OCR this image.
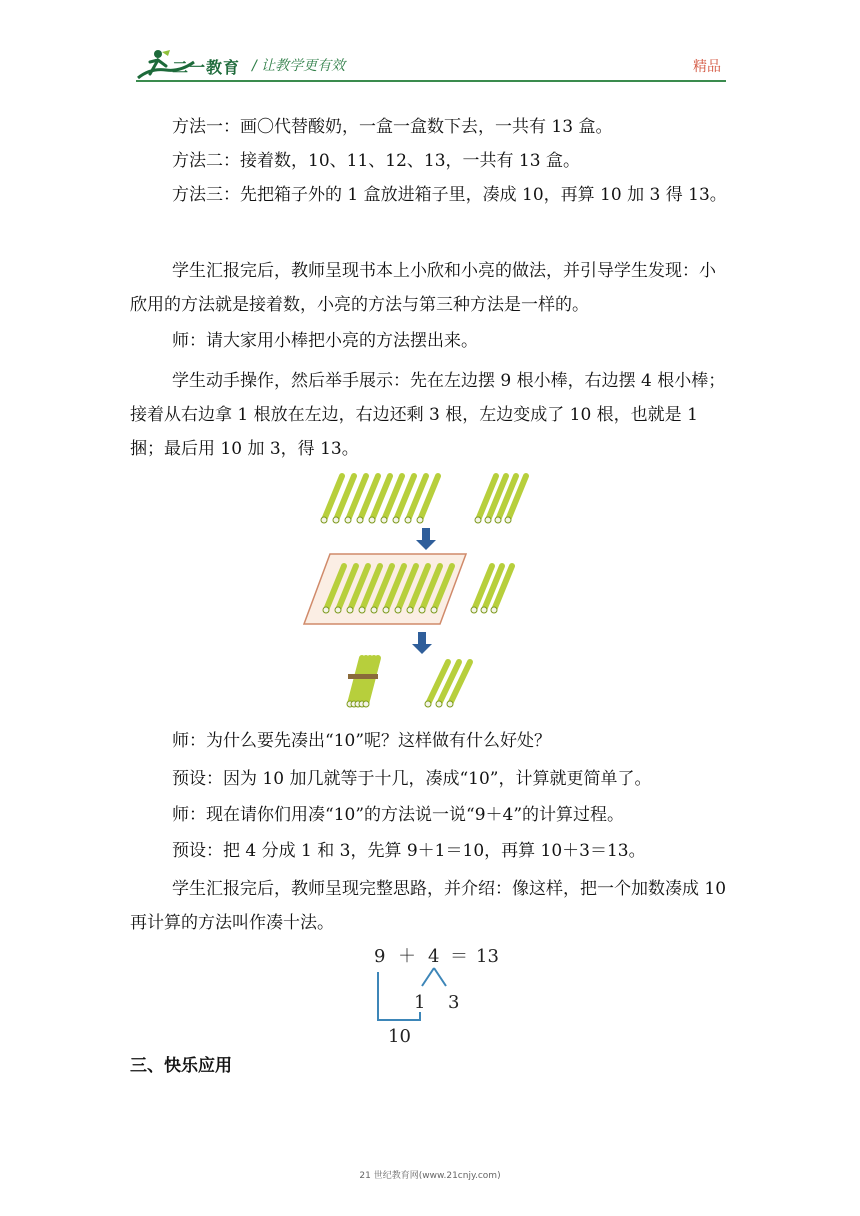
二一教育 / 让教学更有效	精品

方法一：画〇代替酸奶，一盒一盒数下去，一共有 13 盒。

方法二：接着数，10、11、12、13，一共有 13 盒。

方法三：先把箱子外的 1 盒放进箱子里，凑成 10，再算 10 加 3 得 13。

学生汇报完后，教师呈现书本上小欣和小亮的做法，并引导学生发现：小欣用的方法就是接着数，小亮的方法与第三种方法是一样的。

师：请大家用小棒把小亮的方法摆出来。

学生动手操作，然后举手展示：先在左边摆 9 根小棒，右边摆 4 根小棒；接着从右边拿 1 根放在左边，右边还剩 3 根，左边变成了 10 根，也就是 1 捆；最后用 10 加 3，得 13。

师：为什么要先凑出“10”呢？这样做有什么好处？

预设：因为 10 加几就等于十几，凑成“10”，计算就更简单了。

师：现在请你们用凑“10”的方法说一说“9＋4”的计算过程。

预设：把 4 分成 1 和 3，先算 9＋1＝10，再算 10＋3＝13。

学生汇报完后，教师呈现完整思路，并介绍：像这样，把一个加数凑成 10 再计算的方法叫作凑十法。

9 ＋ 4 ＝ 13
1 3
10
三、快乐应用
21 世纪教育网(www.21cnjy.com)
